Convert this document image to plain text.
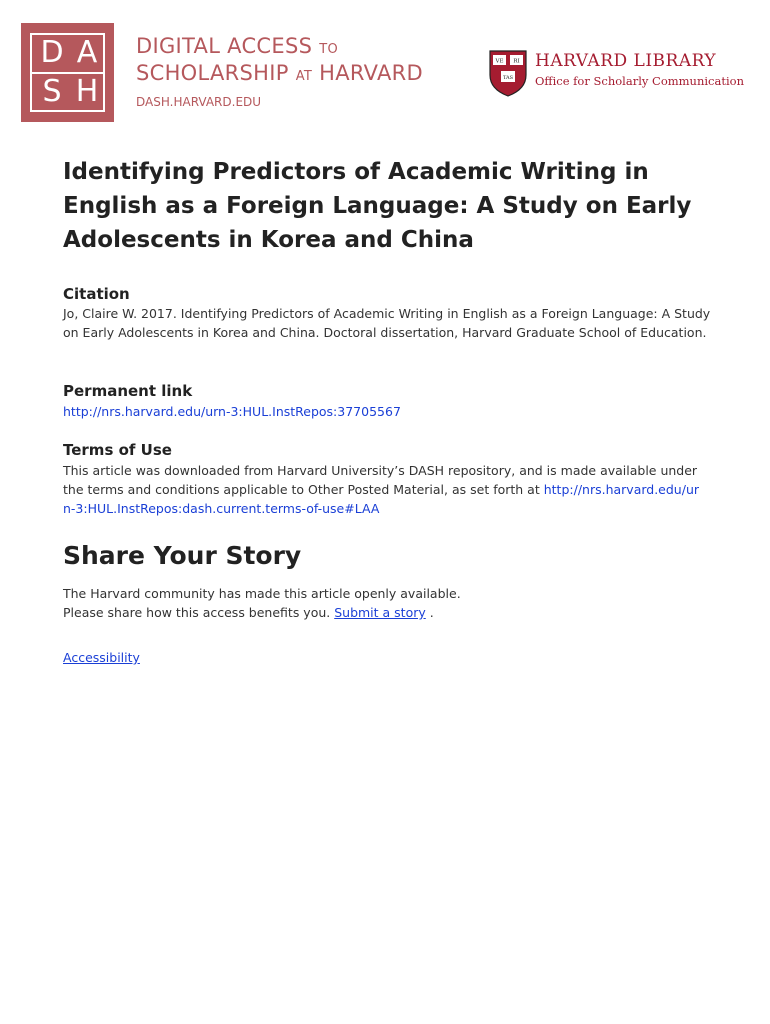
D A
S H
DIGITAL ACCESS TO
SCHOLARSHIP AT HARVARD
DASH.HARVARD.EDU
VE RI
TAS
HARVARD LIBRARY
Office for Scholarly Communication
Identifying Predictors of Academic Writing in English as a Foreign Language: A Study on Early Adolescents in Korea and China
Citation
Jo, Claire W. 2017. Identifying Predictors of Academic Writing in English as a Foreign Language: A Study on Early Adolescents in Korea and China. Doctoral dissertation, Harvard Graduate School of Education.
Permanent link
http://nrs.harvard.edu/urn-3:HUL.InstRepos:37705567
Terms of Use
This article was downloaded from Harvard University’s DASH repository, and is made available under the terms and conditions applicable to Other Posted Material, as set forth at http://nrs.harvard.edu/urn-3:HUL.InstRepos:dash.current.terms-of-use#LAA
Share Your Story
The Harvard community has made this article openly available.
Please share how this access benefits you. Submit a story .
Accessibility
